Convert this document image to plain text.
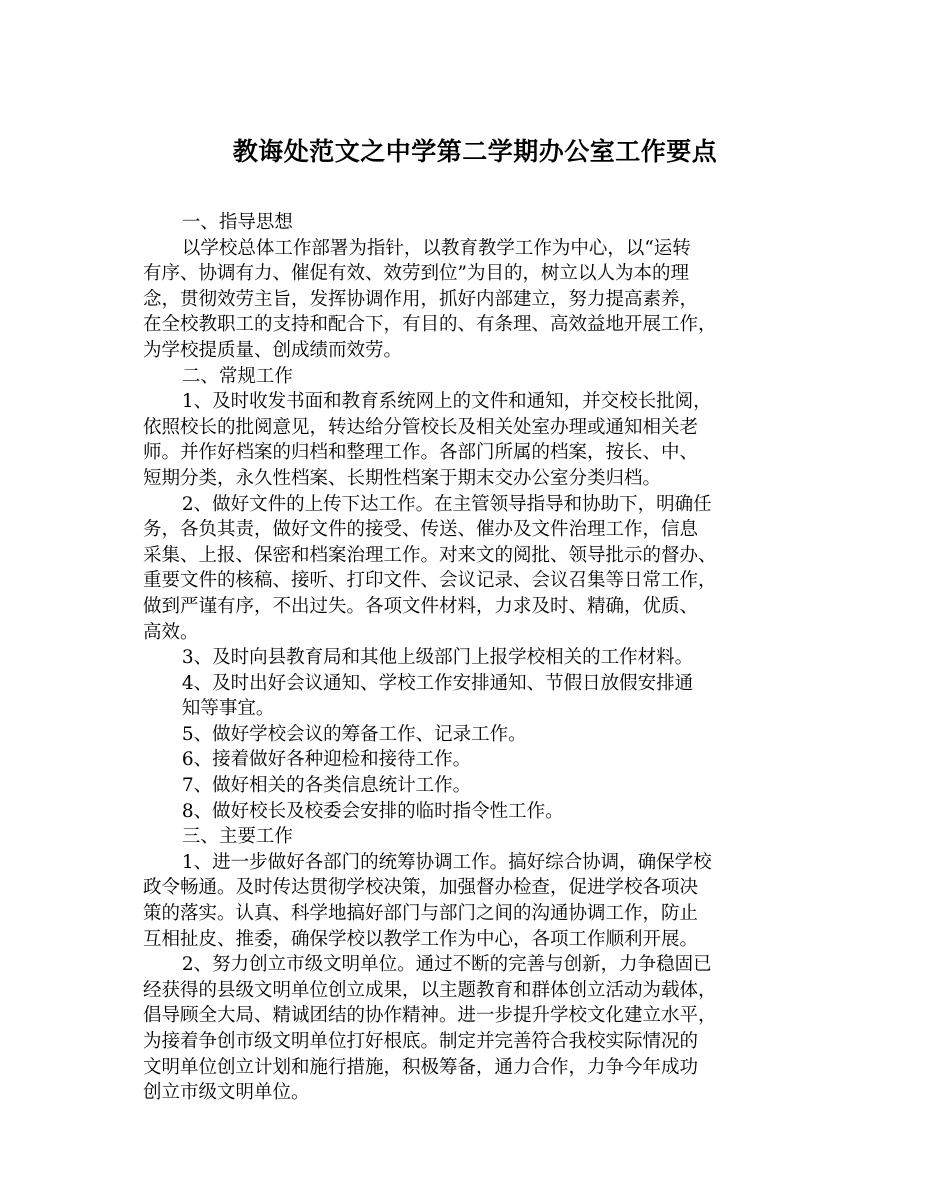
教诲处范文之中学第二学期办公室工作要点
一、指导思想
以学校总体工作部署为指针，以教育教学工作为中心，以“运转
有序、协调有力、催促有效、效劳到位”为目的，树立以人为本的理
念，贯彻效劳主旨，发挥协调作用，抓好内部建立，努力提高素养，
在全校教职工的支持和配合下，有目的、有条理、高效益地开展工作，
为学校提质量、创成绩而效劳。
二、常规工作
1、及时收发书面和教育系统网上的文件和通知，并交校长批阅，
依照校长的批阅意见，转达给分管校长及相关处室办理或通知相关老
师。并作好档案的归档和整理工作。各部门所属的档案，按长、中、
短期分类，永久性档案、长期性档案于期末交办公室分类归档。
2、做好文件的上传下达工作。在主管领导指导和协助下，明确任
务，各负其责，做好文件的接受、传送、催办及文件治理工作，信息
采集、上报、保密和档案治理工作。对来文的阅批、领导批示的督办、
重要文件的核稿、接听、打印文件、会议记录、会议召集等日常工作，
做到严谨有序，不出过失。各项文件材料，力求及时、精确，优质、
高效。
3、及时向县教育局和其他上级部门上报学校相关的工作材料。
4、及时出好会议通知、学校工作安排通知、节假日放假安排通
知等事宜。
5、做好学校会议的筹备工作、记录工作。
6、接着做好各种迎检和接待工作。
7、做好相关的各类信息统计工作。
8、做好校长及校委会安排的临时指令性工作。
三、主要工作
1、进一步做好各部门的统筹协调工作。搞好综合协调，确保学校
政令畅通。及时传达贯彻学校决策，加强督办检查，促进学校各项决
策的落实。认真、科学地搞好部门与部门之间的沟通协调工作，防止
互相扯皮、推委，确保学校以教学工作为中心，各项工作顺利开展。
2、努力创立市级文明单位。通过不断的完善与创新，力争稳固已
经获得的县级文明单位创立成果，以主题教育和群体创立活动为载体，
倡导顾全大局、精诚团结的协作精神。进一步提升学校文化建立水平，
为接着争创市级文明单位打好根底。制定并完善符合我校实际情况的
文明单位创立计划和施行措施，积极筹备，通力合作，力争今年成功
创立市级文明单位。
